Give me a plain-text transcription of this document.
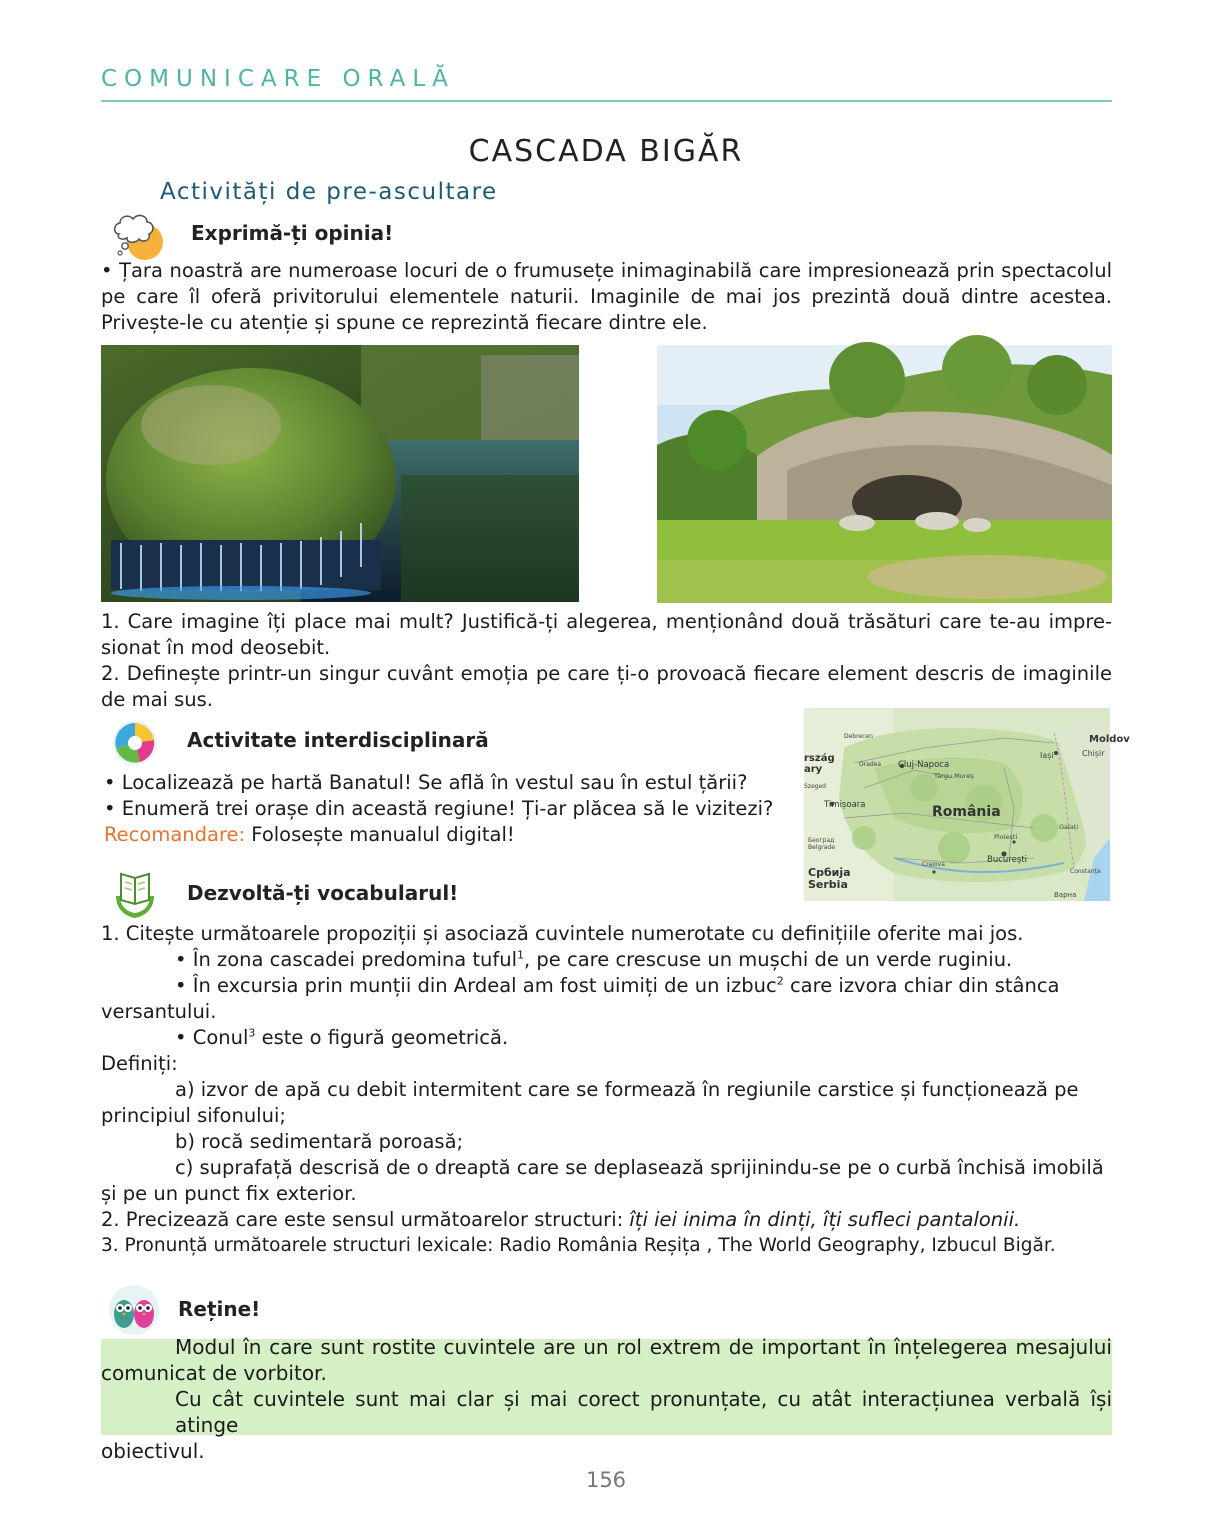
COMUNICARE ORALĂ
CASCADA BIGĂR
Activități de pre-ascultare
Exprimă-ți opinia!
• Țara noastră are numeroase locuri de o frumusețe inimaginabilă care impresionează prin spectacolul
pe care îl oferă privitorului elementele naturii. Imaginile de mai jos prezintă două dintre acestea.
Privește-le cu atenție și spune ce reprezintă fiecare dintre ele.
1. Care imagine îți place mai mult? Justifică-ți alegerea, menționând două trăsături care te-au impre-
sionat în mod deosebit.
2. Definește printr-un singur cuvânt emoția pe care ți-o provoacă fiecare element descris de imaginile
de mai sus.
Activitate interdisciplinară
• Localizează pe hartă Banatul! Se află în vestul sau în estul țării?
• Enumeră trei orașe din această regiune! Ți-ar plăcea să le vizitezi?
Recomandare: Folosește manualul digital!
Debrecen	Moldov
Chișir
Iași
rszág
ary	Oradea
Szeged
Cluj-Napoca
Târgu Mureș
Timișoara	România
Београд
Belgrade
Ploiești
Galați
București
Craiova
Constanța
Србија
Serbia
Варна
Dezvoltă-ți vocabularul!
1. Citește următoarele propoziții și asociază cuvintele numerotate cu definițiile oferite mai jos.
• În zona cascadei predomina tuful$^1$, pe care crescuse un mușchi de un verde ruginiu.
• În excursia prin munții din Ardeal am fost uimiți de un izbuc$^2$ care izvora chiar din stânca
versantului.
• Conul$^3$ este o figură geometrică.
Definiți:
a) izvor de apă cu debit intermitent care se formează în regiunile carstice și funcționează pe
principiul sifonului;
b) rocă sedimentară poroasă;
c) suprafață descrisă de o dreaptă care se deplasează sprijinindu-se pe o curbă închisă imobilă
și pe un punct fix exterior.
2. Precizează care este sensul următoarelor structuri: îți iei inima în dinți, îți sufleci pantalonii.
3. Pronunță următoarele structuri lexicale: Radio România Reșița , The World Geography, Izbucul Bigăr.
Reține!
Modul în care sunt rostite cuvintele are un rol extrem de important în înțelegerea mesajului
comunicat de vorbitor.
Cu cât cuvintele sunt mai clar și mai corect pronunțate, cu atât interacțiunea verbală își atinge
obiectivul.
156
